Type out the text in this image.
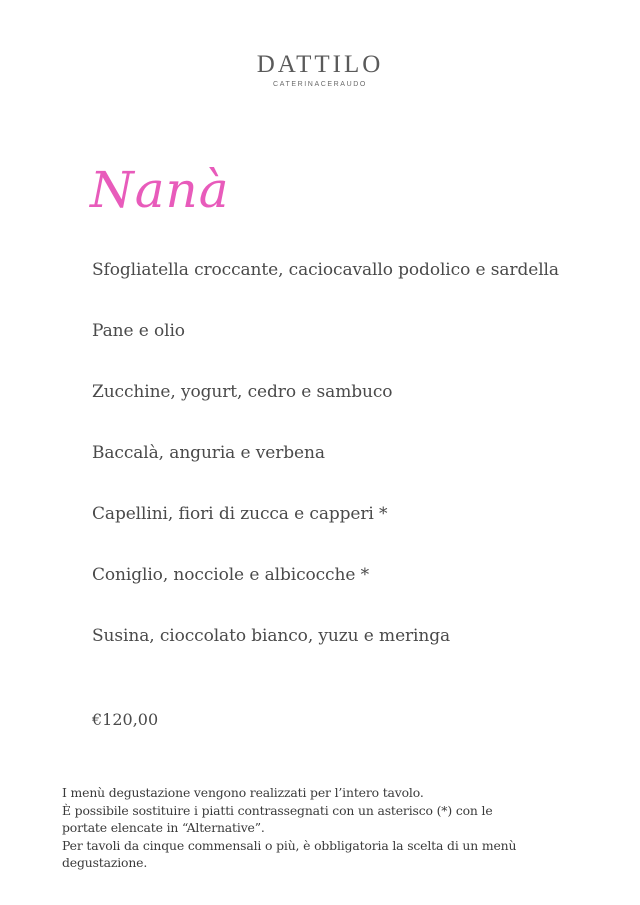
DATTILO
CATERINACERAUDO
Nanà
Sfogliatella croccante, caciocavallo podolico e sardella
Pane e olio
Zucchine, yogurt, cedro e sambuco
Baccalà, anguria e verbena
Capellini, fiori di zucca e capperi *
Coniglio, nocciole e albicocche *
Susina, cioccolato bianco, yuzu e meringa
€120,00
I menù degustazione vengono realizzati per l’intero tavolo.
È possibile sostituire i piatti contrassegnati con un asterisco (*) con le
portate elencate in “Alternative”.
Per tavoli da cinque commensali o più, è obbligatoria la scelta di un menù
degustazione.
